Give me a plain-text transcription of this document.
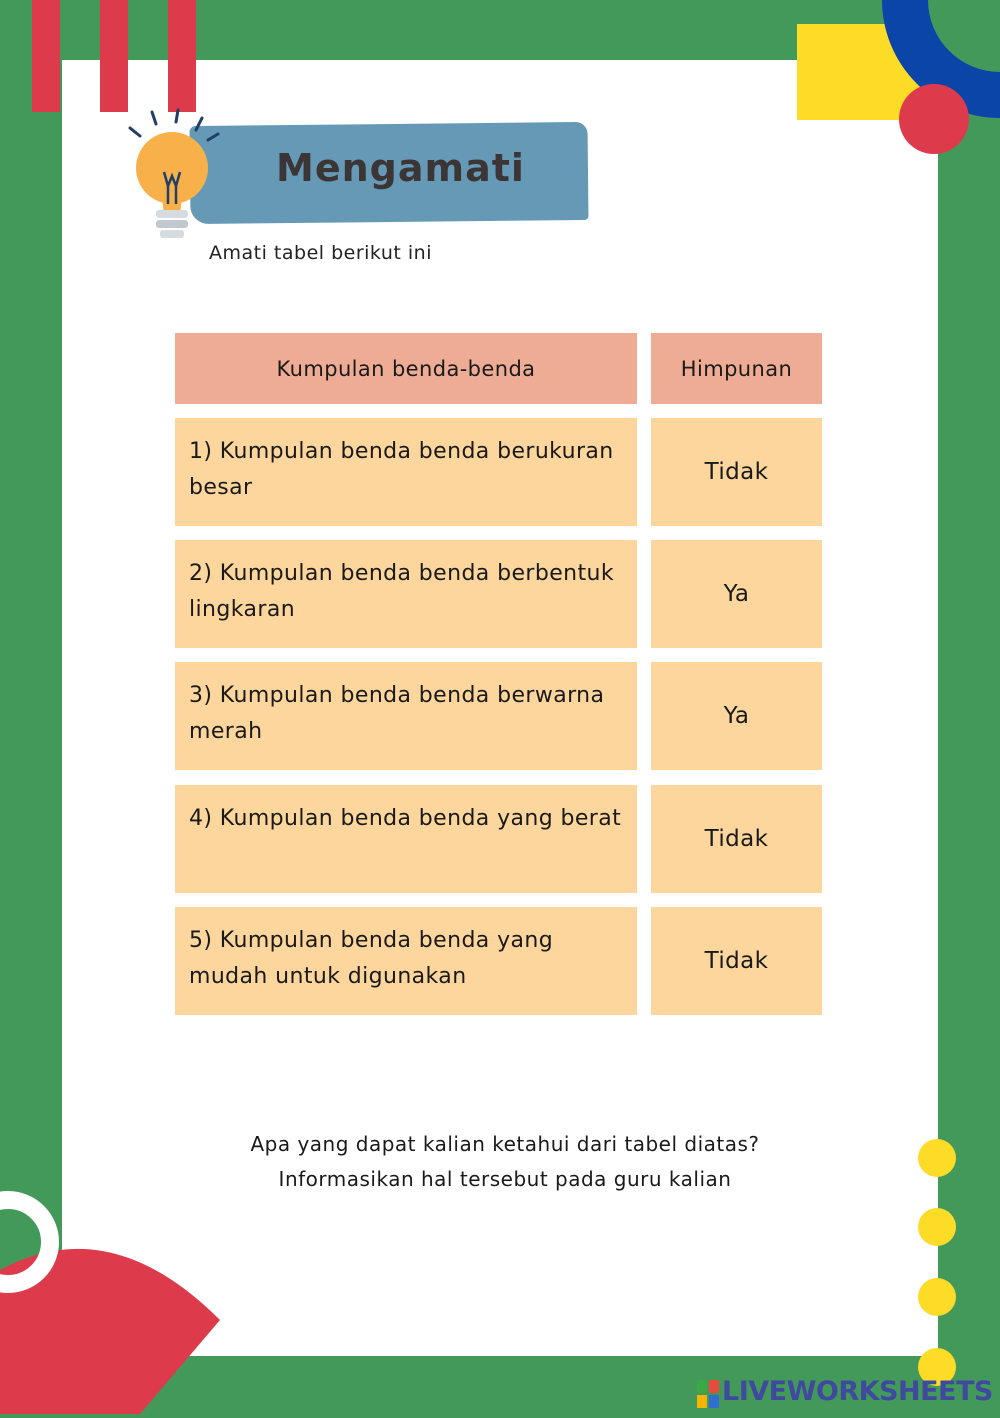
Mengamati
Amati tabel berikut ini
Kumpulan benda-benda	Himpunan
1) Kumpulan benda benda berukuran besar
Tidak
2) Kumpulan benda benda berbentuk lingkaran
Ya
3) Kumpulan benda benda berwarna merah
Ya
4) Kumpulan benda benda yang berat
Tidak
5) Kumpulan benda benda yang mudah untuk digunakan
Tidak
Apa yang dapat kalian ketahui dari tabel diatas?
Informasikan hal tersebut pada guru kalian
LIVEWORKSHEETS
